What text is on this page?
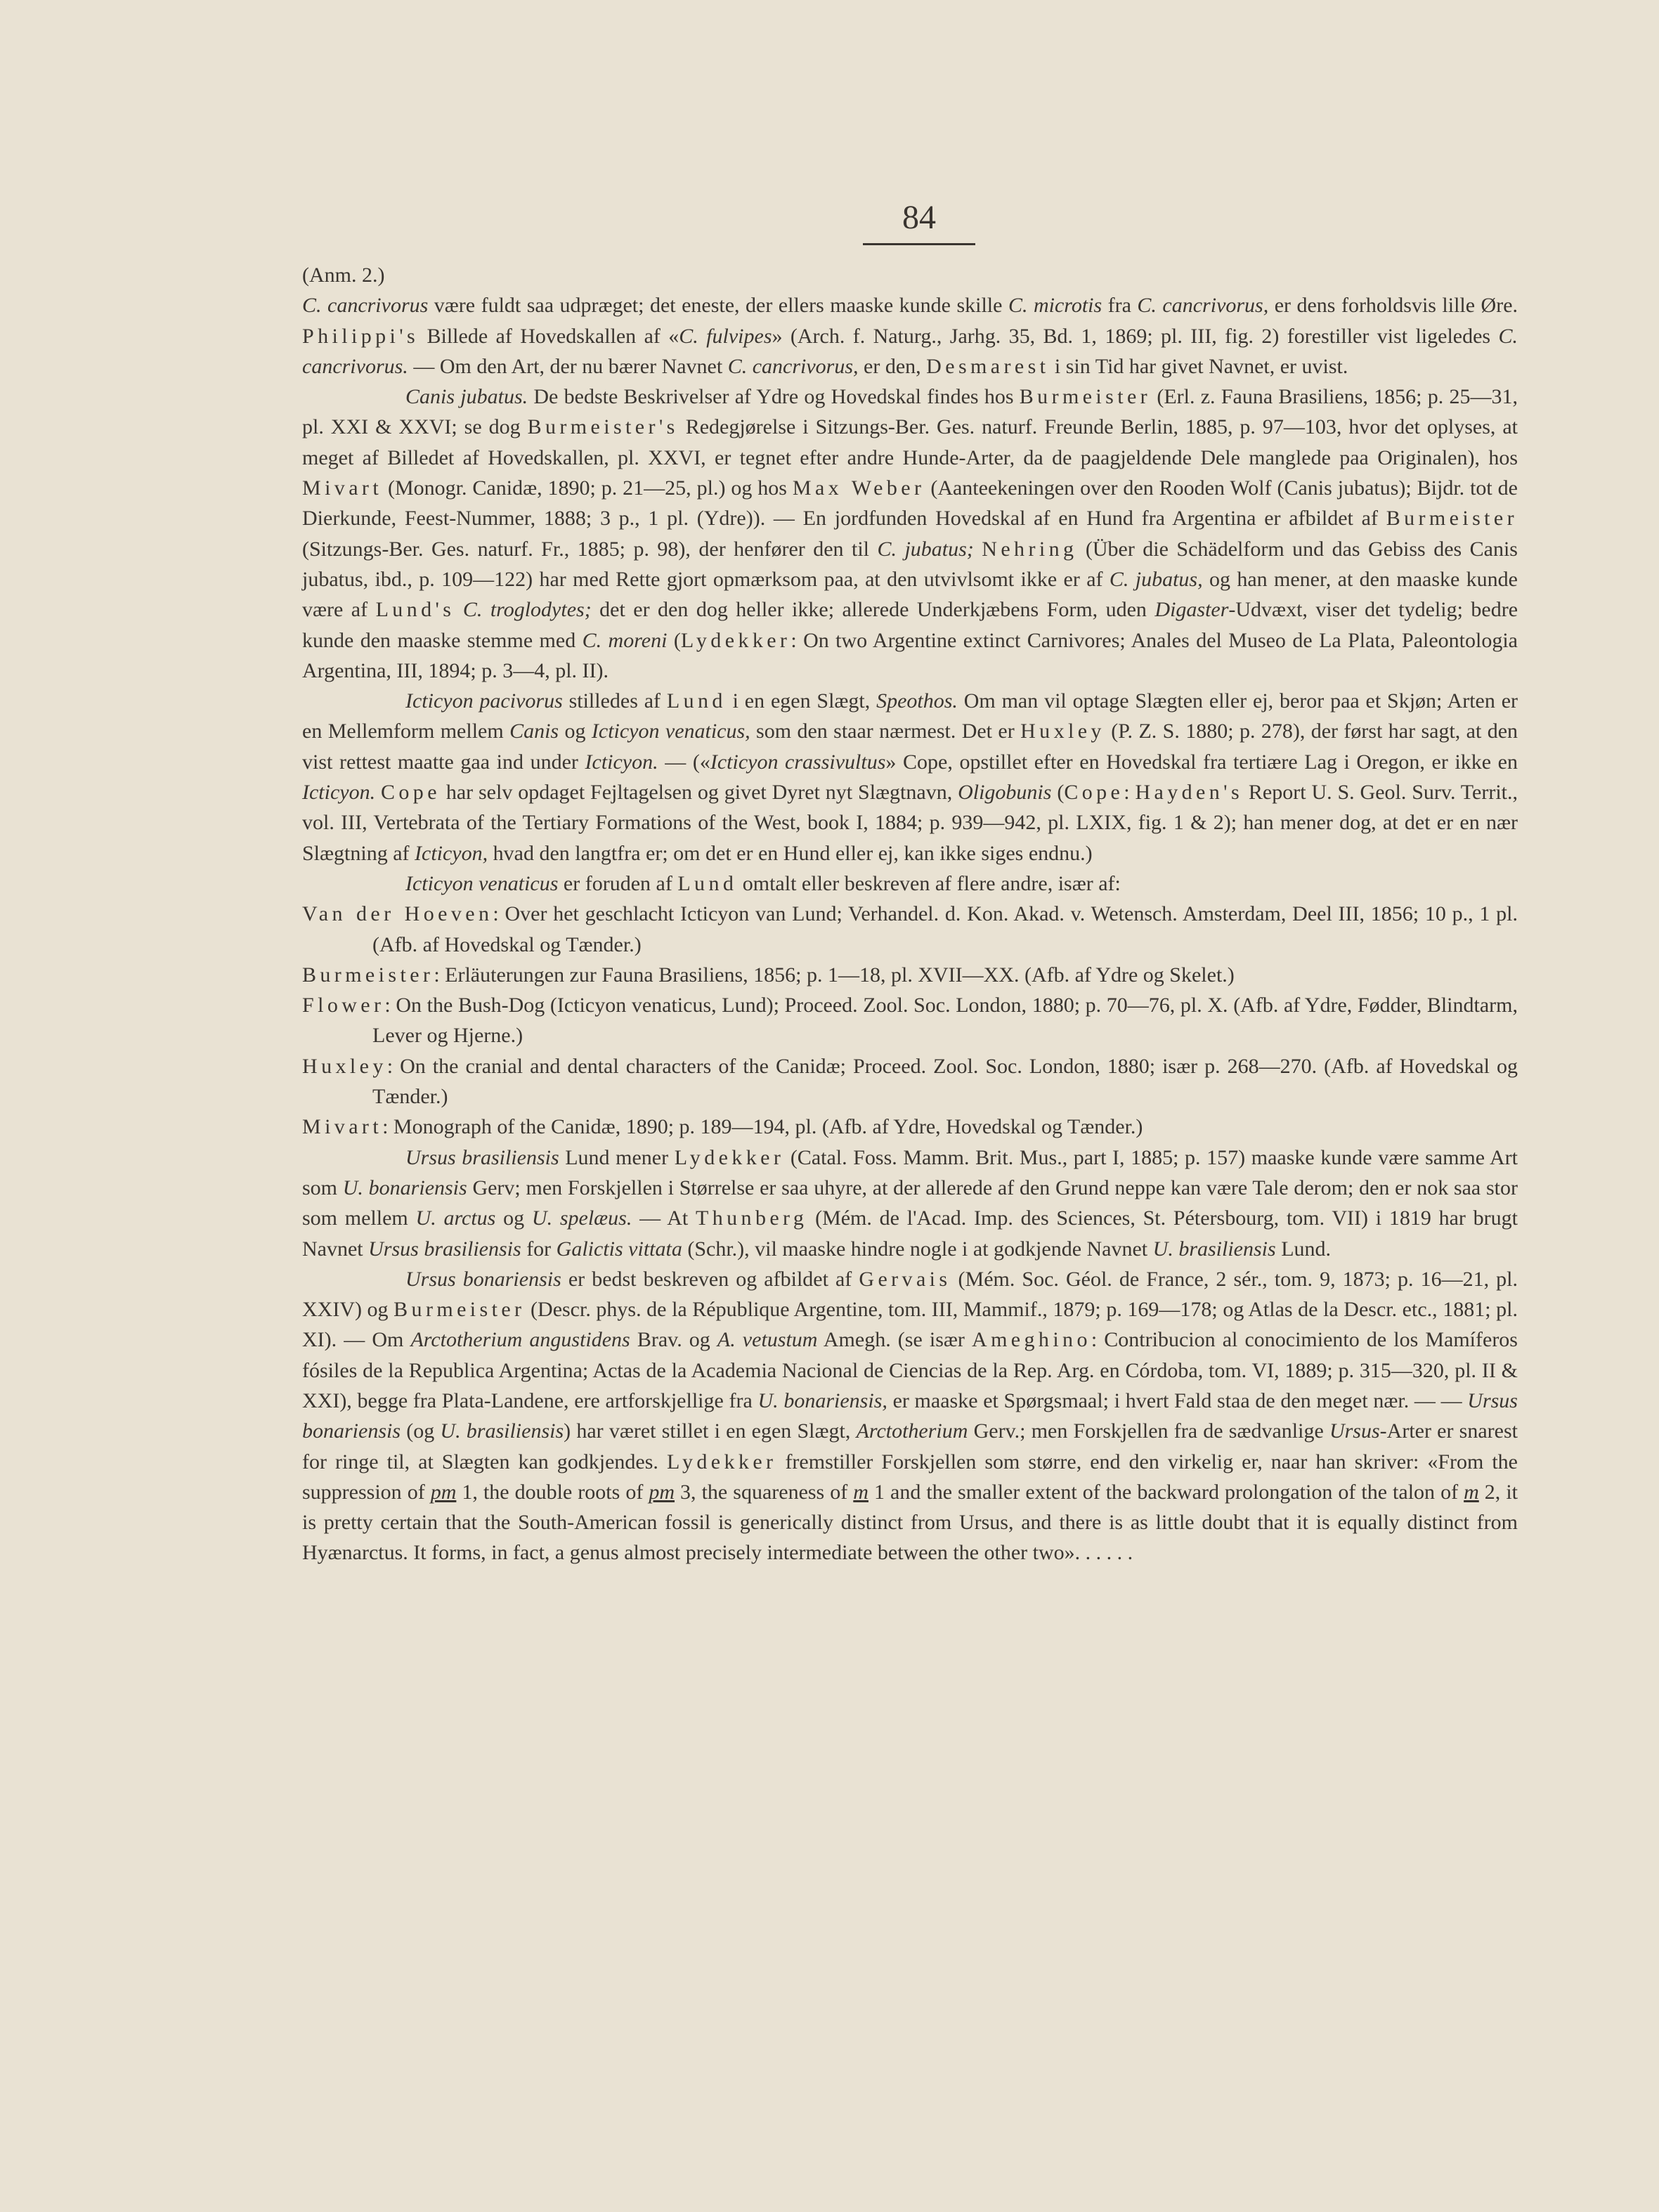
84

(Anm. 2.)

C. cancrivorus være fuldt saa udpræget; det eneste, der ellers maaske kunde skille C. microtis fra C. cancrivorus, er dens forholdsvis lille Øre. Philippi's Billede af Hovedskallen af «C. fulvipes» (Arch. f. Naturg., Jarhg. 35, Bd. 1, 1869; pl. III, fig. 2) forestiller vist ligeledes C. cancrivorus. — Om den Art, der nu bærer Navnet C. cancrivorus, er den, Desmarest i sin Tid har givet Navnet, er uvist.

Canis jubatus. De bedste Beskrivelser af Ydre og Hovedskal findes hos Burmeister (Erl. z. Fauna Brasiliens, 1856; p. 25—31, pl. XXI & XXVI; se dog Burmeister's Redegjørelse i Sitzungs-Ber. Ges. naturf. Freunde Berlin, 1885, p. 97—103, hvor det oplyses, at meget af Billedet af Hovedskallen, pl. XXVI, er tegnet efter andre Hunde-Arter, da de paagjeldende Dele manglede paa Originalen), hos Mivart (Monogr. Canidæ, 1890; p. 21—25, pl.) og hos Max Weber (Aanteekeningen over den Rooden Wolf (Canis jubatus); Bijdr. tot de Dierkunde, Feest-Nummer, 1888; 3 p., 1 pl. (Ydre)). — En jordfunden Hovedskal af en Hund fra Argentina er afbildet af Burmeister (Sitzungs-Ber. Ges. naturf. Fr., 1885; p. 98), der henfører den til C. jubatus; Nehring (Über die Schädelform und das Gebiss des Canis jubatus, ibd., p. 109—122) har med Rette gjort opmærksom paa, at den utvivlsomt ikke er af C. jubatus, og han mener, at den maaske kunde være af Lund's C. troglodytes; det er den dog heller ikke; allerede Underkjæbens Form, uden Digaster-Udvæxt, viser det tydelig; bedre kunde den maaske stemme med C. moreni (Lydekker: On two Argentine extinct Carnivores; Anales del Museo de La Plata, Paleontologia Argentina, III, 1894; p. 3—4, pl. II).

Icticyon pacivorus stilledes af Lund i en egen Slægt, Speothos. Om man vil optage Slægten eller ej, beror paa et Skjøn; Arten er en Mellemform mellem Canis og Icticyon venaticus, som den staar nærmest. Det er Huxley (P. Z. S. 1880; p. 278), der først har sagt, at den vist rettest maatte gaa ind under Icticyon. — («Icticyon crassivultus» Cope, opstillet efter en Hovedskal fra tertiære Lag i Oregon, er ikke en Icticyon. Cope har selv opdaget Fejltagelsen og givet Dyret nyt Slægtnavn, Oligobunis (Cope: Hayden's Report U. S. Geol. Surv. Territ., vol. III, Vertebrata of the Tertiary Formations of the West, book I, 1884; p. 939—942, pl. LXIX, fig. 1 & 2); han mener dog, at det er en nær Slægtning af Icticyon, hvad den langtfra er; om det er en Hund eller ej, kan ikke siges endnu.)

Icticyon venaticus er foruden af Lund omtalt eller beskreven af flere andre, især af:

Van der Hoeven: Over het geschlacht Icticyon van Lund; Verhandel. d. Kon. Akad. v. Wetensch. Amsterdam, Deel III, 1856; 10 p., 1 pl. (Afb. af Hovedskal og Tænder.)

Burmeister: Erläuterungen zur Fauna Brasiliens, 1856; p. 1—18, pl. XVII—XX. (Afb. af Ydre og Skelet.)

Flower: On the Bush-Dog (Icticyon venaticus, Lund); Proceed. Zool. Soc. London, 1880; p. 70—76, pl. X. (Afb. af Ydre, Fødder, Blindtarm, Lever og Hjerne.)

Huxley: On the cranial and dental characters of the Canidæ; Proceed. Zool. Soc. London, 1880; især p. 268—270. (Afb. af Hovedskal og Tænder.)

Mivart: Monograph of the Canidæ, 1890; p. 189—194, pl. (Afb. af Ydre, Hovedskal og Tænder.)

Ursus brasiliensis Lund mener Lydekker (Catal. Foss. Mamm. Brit. Mus., part I, 1885; p. 157) maaske kunde være samme Art som U. bonariensis Gerv; men Forskjellen i Størrelse er saa uhyre, at der allerede af den Grund neppe kan være Tale derom; den er nok saa stor som mellem U. arctus og U. spelæus. — At Thunberg (Mém. de l'Acad. Imp. des Sciences, St. Pétersbourg, tom. VII) i 1819 har brugt Navnet Ursus brasiliensis for Galictis vittata (Schr.), vil maaske hindre nogle i at godkjende Navnet U. brasiliensis Lund.

Ursus bonariensis er bedst beskreven og afbildet af Gervais (Mém. Soc. Géol. de France, 2 sér., tom. 9, 1873; p. 16—21, pl. XXIV) og Burmeister (Descr. phys. de la République Argentine, tom. III, Mammif., 1879; p. 169—178; og Atlas de la Descr. etc., 1881; pl. XI). — Om Arctotherium angustidens Brav. og A. vetustum Amegh. (se især Ameghino: Contribucion al conocimiento de los Mamíferos fósiles de la Republica Argentina; Actas de la Academia Nacional de Ciencias de la Rep. Arg. en Córdoba, tom. VI, 1889; p. 315—320, pl. II & XXI), begge fra Plata-Landene, ere artforskjellige fra U. bonariensis, er maaske et Spørgsmaal; i hvert Fald staa de den meget nær. — — Ursus bonariensis (og U. brasiliensis) har været stillet i en egen Slægt, Arctotherium Gerv.; men Forskjellen fra de sædvanlige Ursus-Arter er snarest for ringe til, at Slægten kan godkjendes. Lydekker fremstiller Forskjellen som større, end den virkelig er, naar han skriver: «From the suppression of pm 1, the double roots of pm 3, the squareness of m 1 and the smaller extent of the backward prolongation of the talon of m 2, it is pretty certain that the South-American fossil is generically distinct from Ursus, and there is as little doubt that it is equally distinct from Hyænarctus. It forms, in fact, a genus almost precisely intermediate between the other two». . . . . .
